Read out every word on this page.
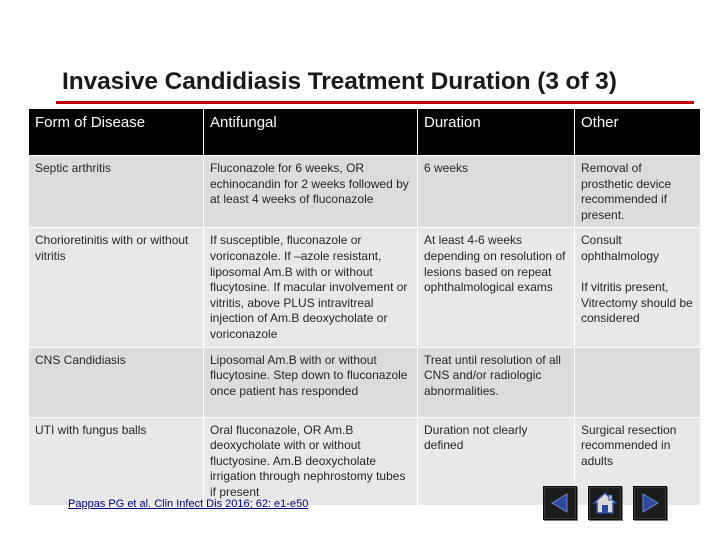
Invasive Candidiasis Treatment Duration (3 of 3)
Form of Disease	Antifungal	Duration	Other
Septic arthritis	Fluconazole for 6 weeks, OR echinocandin for 2 weeks followed by at least 4 weeks of fluconazole	6 weeks	Removal of prosthetic device recommended if present.
Chorioretinitis with or without vitritis	If susceptible, fluconazole or voriconazole. If –azole resistant, liposomal Am.B with or without flucytosine. If macular involvement or vitritis, above PLUS intravitreal injection of Am.B deoxycholate or voriconazole	At least 4-6 weeks depending on resolution of lesions based on repeat ophthalmological exams	Consult ophthalmology
If vitritis present, Vitrectomy should be considered
CNS Candidiasis	Liposomal Am.B with or without flucytosine. Step down to fluconazole once patient has responded	Treat until resolution of all CNS and/or radiologic abnormalities.	
UTI with fungus balls	Oral fluconazole, OR Am.B deoxycholate with or without fluctyosine. Am.B deoxycholate irrigation through nephrostomy tubes if present	Duration not clearly defined	Surgical resection recommended in adults
Pappas PG et al. Clin Infect Dis 2016; 62: e1-e50
